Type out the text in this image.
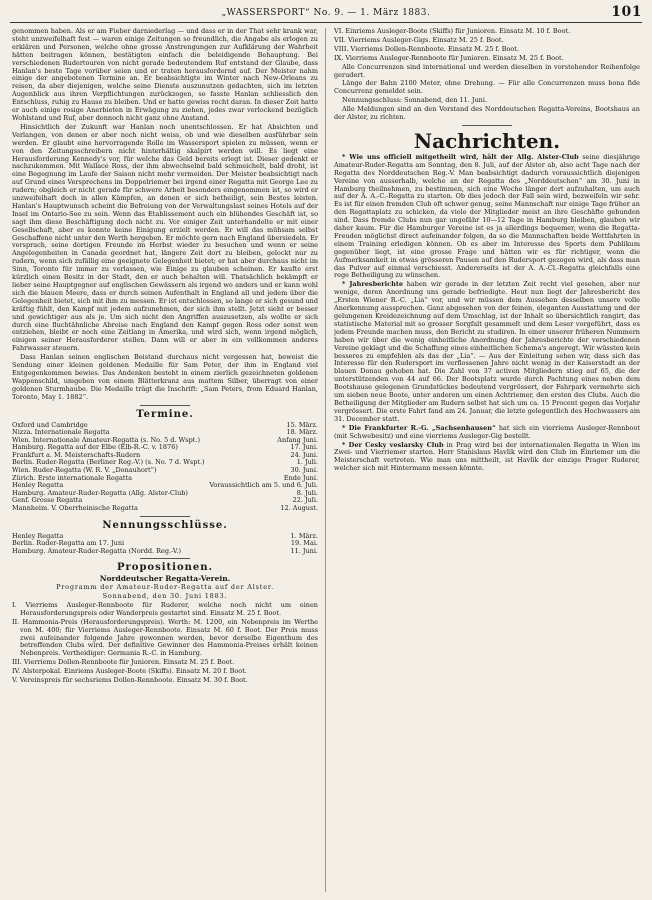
„WASSERSPORT“ No. 9. — 1. März 1883.	101

genommen haben. Als er am Fieber darniederlag — und dass er in der That sehr krank war, steht unzweifelhaft fest — waren einige Zeitungen so freundlich, die Angabe als erlogen zu erklären und Personen, welche ohne grosse Anstrengungen zur Aufklärung der Wahrheit hätten beitragen können, bestätigten einfach die beleidigende Behauptung. Bei verschiedenen Rudertouren von nicht gerade bedeutendem Ruf entstand der Glaube, dass Hanlan's beste Tage vorüber seien und er traten herausfordernd auf. Der Meister nahm einige der angebotenen Termine an. Er beabsichtigte im Winter nach New-Orleans zu reisen, da aber diejenigen, welche seine Dienste auszunutzen gedachten, sich im letzten Augenblick aus ihren Verpflichtungen zurückzogen, so fasste Hanlan schliesslich den Entschluss, ruhig zu Hause zu bleiben. Und er hatte gewiss recht daran. In dieser Zeit hatte er auch einige rosige Anerbieten in Erwägung zu ziehen, jedes zwar verlockend bezüglich Wohlstand und Ruf, aber dennoch nicht ganz ohne Anstand.

Hinsichtlich der Zukunft war Hanlan noch unentschlossen. Er hat Absichten und Verlangen, von denen er aber noch nicht weiss, ob und wie dieselben ausführbar sein werden. Er glaubt eine hervorragende Rolle im Wassersport spielen zu müssen, wenn er von den Zeitungsschreibern nicht hinterhältig skalpirt werden will. Es liegt eine Herausforderung Kennedy's vor, für welche das Geld bereits erlegt ist. Dieser gedenkt er nachzukommen. Mit Wallace Ross, der ihm abwechselnd bald schmeichelt, bald droht, ist eine Begegnung im Laufe der Saison nicht mehr vermeiden. Der Meister beabsichtigt nach auf Grund eines Versprechens im Doppelriemer bei irgend einer Regatta mit George Lee zu rudern; obgleich er nicht gerade für schwere Arbeit besonders eingenommen ist, so wird er unzweifelhaft doch in allen Kämpfen, an denen er sich betheiligt, sein Bestes leisten. Hanlan's Hauptwunsch scheint die Befreiung von der Verwaltungslast seines Hotels auf der Insel im Ontario-See zu sein. Wenn das Etablissement auch ein blühendes Geschäft ist, so sagt ihm diese Beschäftigung doch nicht zu. Vor einiger Zeit unterhandelte er mit einer Gesellschaft, aber es konnte keine Einigung erzielt werden. Er will das mühsam selbst Geschaffene nicht unter den Werth hergeben. Er möchte gern nach England übersiedeln. Er versprach, seine dortigen Freunde im Herbst wieder zu besuchen und wenn er seine Angelegenheiten in Canada geordnet hat, längere Zeit dort zu bleiben, gelockt nur zu rudern, wenn sich zufällig eine geeignete Gelegenheit bietet; er hat aber durchaus nicht im Sinn, Toronto für immer zu verlassen, wie Einige zu glauben scheinen. Er kaufte erst kürzlich einen Besitz in der Stadt, den er auch behalten will. Thatsächlich bekämpft er lieber seine Hauptgegner auf englischen Gewässern als irgend wo anders und er kann wohl sich die blauen Meere, dass er durch seinen Aufenthalt in England all und jedem über die Gelegenheit bietet, sich mit ihm zu messen. Er ist entschlossen, so lange er sich gesund und kräftig fühlt, den Kampf mit jedem aufzunehmen, der sich ihm stellt. Jetzt sieht er besser und gewichtiger aus als je. Um sich nicht den Angriffen auszusetzen, als wollte er sich durch eine fluchtähnliche Abreise nach England den Kampf gegen Ross oder sonst wen entziehen, bleibt er noch eine Zeitlang in Amerika, und wird sich, wenn irgend möglich, einigen seiner Herausforderer stellen. Dann will er aber in ein vollkommen anderes Fahrwasser steuern.

Dass Hanlan seinen englischen Beistand durchaus nicht vergessen hat, beweist die Sendung einer kleinen goldenen Medaille für Sam Peter, der ihm in England viel Entgegenkommen bewies. Das Andenken besteht in einem zierlich gezeichneten goldenen Wappenschild, umgeben von einem Blätterkranz aus mattem Silber, überragt von einer goldenen Sturmhaube. Die Medaille trägt die Inschrift: „Sam Peters, from Eduard Hanlan, Toronto, May 1. 1882“.

Termine.
Oxford und Cambridge	15. März.
Nizza. Internationale Regatta	18. März.
Wien. Internationale Amateur-Regatta (s. No. 5 d. Wspt.)	Anfang Juni.
Hamburg. Regatta auf der Elbe (Elb-R.-C. v. 1876)	17. Juni.
Frankfurt a. M. Meisterschafts-Rudern	24. Juni.
Berlin. Ruder-Regatta (Berliner Reg.-V.) (s. No. 7 d. Wspt.)	1. Juli.
Wien. Ruder-Regatta (W. R. V. „Donauhort“)	30. Juni.
Zürich. Erste internationale Regatta	Ende Juni.
Henley Regatta	Voraussichtlich am 5. und 6. Juli.
Hamburg. Amateur-Ruder-Regatta (Allg. Alster-Club)	8. Juli.
Genf. Grosse Regatta	22. Juli.
Mannheim. V. Oberrheinische Regatta	12. August.
Nennungsschlüsse.
Henley Regatta	1. März.
Berlin. Ruder-Regatta am 17. Juni	19. Mai.
Hamburg. Amateur-Ruder-Regatta (Nordd. Reg.-V.)	11. Juni.
Propositionen.
Norddeutscher Regatta-Verein.
Programm der Amateur-Ruder-Regatta auf der Alster.
Sonnabend, den 30. Juni 1883.

I. Vierriems Ausleger-Rennboote für Ruderer, welche noch nicht um einen Herausforderungspreis oder Wanderpreis gestartet sind. Einsatz M. 25 f. Boot.

II. Hammonia-Preis (Herausforderungspreis). Werth: M. 1200, ein Nebenpreis im Werthe von M. 400; für Vierriems Ausleger-Rennboote. Einsatz M. 60 f. Boot. Der Preis muss zwei aufeinander folgende Jahre gewonnen werden, bevor derselbe Eigenthum des betreffenden Clubs wird. Der definitive Gewinner des Hammonia-Preises erhält keinen Nebenpreis. Vertheidiger: Germania R.-C. in Hamburg.

III. Vierriems Dollen-Rennboote für Junioren. Einsatz M. 25 f. Boot.

IV. Alsterpokal. Einriems Ausleger-Boote (Skiffs). Einsatz M. 20 f. Boot.

V. Vereinspreis für sechsriems Dollen-Rennboote. Einsatz M. 30 f. Boot.

VI. Einriems Ausleger-Boote (Skiffs) für Junioren. Einsatz M. 10 f. Boot.

VII. Vierriems Ausleger-Gigs. Einsatz M. 25 f. Boot.

VIII. Vierriems Dollen-Rennboote. Einsatz M. 25 f. Boot.

IX. Vierriems Ausleger-Rennboote für Junioren. Einsatz M. 25 f. Boot.

Alle Concurrenzen sind international und werden dieselben in vorstehender Reihenfolge gerudert.

Länge der Bahn 2100 Meter, ohne Drehung. — Für alle Concurrenzen muss bona fide Concurrenz gemeldet sein.

Nennungsschluss: Sonnabend, den 11. Juni.

Alle Meldungen sind an den Vorstand des Norddeutschen Regatta-Vereins, Bootshaus an der Alster, zu richten.

Nachrichten.

* Wie uns officiell mitgetheilt wird, hält der Allg. Alster-Club seine diesjährige Amateur-Ruder-Regatta am Sonntag, den 8. Juli, auf der Alster ab, also acht Tage nach der Regatta des Norddeutschen Reg.-V. Man beabsichtigt dadurch voraussichtlich diejenigen Vereine von ausserhalb, welche an der Regatta des „Norddeutschen“ am 30. Juni in Hamburg theilnehmen, zu bestimmen, sich eine Woche länger dort aufzuhalten, um auch auf der A. A.-C.-Regatta zu starten. Ob dies jedoch der Fall sein wird, bezweifeln wir sehr. Es ist für einen fremden Club oft schwer genug, seine Mannschaft nur einige Tage früher an den Regattaplatz zu schicken, da viele der Mitglieder meist an ihre Geschäfte gebunden sind. Dass fremde Clubs nun gar ungefähr 10—12 Tage in Hamburg bleiben, glauben wir daher kaum. Für die Hamburger Vereine ist es ja allerdings bequemer, wenn die Regatta-Freuden möglichst direct aufeinander folgen, da so die Mannschaften beide Wettfahrten in einem Training erledigen können. Ob es aber im Interesse des Sports dem Publikum gegenüber liegt, ist eine grosse Frage und hätten wir es für richtiger, wenn die Aufmerksamkeit in etwas grösseren Pausen auf den Rudersport gezogen wird, als dass man das Pulver auf einmal verschiesst. Andererseits ist der A. A.-Cl.-Regatta gleichfalls eine rege Betheiligung zu wünschen.

* Jahresberichte haben wir gerade in der letzten Zeit recht viel gesehen, aber nur wenige, deren Anordnung uns gerade befriedigte. Heut nun liegt der Jahresbericht des „Ersten Wiener R.-C. „Lia“ vor, und wir müssen dem Aussehen desselben unsere volle Anerkennung aussprechen. Ganz abgesehen von der feinen, eleganten Ausstattung und der gelungenen Kreidezeichnung auf dem Umschlag, ist der Inhalt so übersichtlich rangirt, das statistische Material mit so grosser Sorgfalt gesammelt und dem Leser vorgeführt, dass es jedem Freunde machen muss, den Bericht zu studiren. In einer unserer früheren Nummern haben wir über die wenig einheitliche Anordnung der Jahresberichte der verschiedenen Vereine geklagt und die Schaffung eines einheitlichen Schema's angeregt. Wir wüssten kein besseres zu empfehlen als das der „Lia“. — Aus der Einleitung sehen wir, dass sich das Interesse für den Rudersport im verflossenen Jahre nicht wenig in der Kaiserstadt an der blauen Donau gehoben hat. Die Zahl von 37 activen Mitgliedern stieg auf 65, die der unterstützenden von 44 auf 66. Der Bootsplatz wurde durch Pachtung eines neben dem Bootshause gelegenen Grundstückes bedeutend vergrössert, der Fahrpark vermehrte sich um sieben neue Boote, unter anderen um einen Achtriemer, den ersten des Clubs. Auch die Betheiligung der Mitglieder am Rudern selbst hat sich um ca. 15 Procent gegen das Vorjahr vergrössert. Die erste Fahrt fand am 24. Januar, die letzte gelegentlich des Hochwassers am 31. December statt.

* Die Frankfurter R.-G. „Sachsenhausen“ hat sich ein vierriems Ausleger-Rennboot (mit Schwebesitz) und eine vierriems Ausleger-Gig bestellt.

* Der Cesky veslarsky Club in Prag wird bei der internationalen Regatta in Wien im Zwei- und Vierriemer starten. Herr Stanislaus Havlik wird den Club im Einriemer um die Meisterschaft vertreten. Wie man uns mittheilt, ist Havlik der einzige Prager Ruderer, welcher sich mit Hintermann messen könnte.
